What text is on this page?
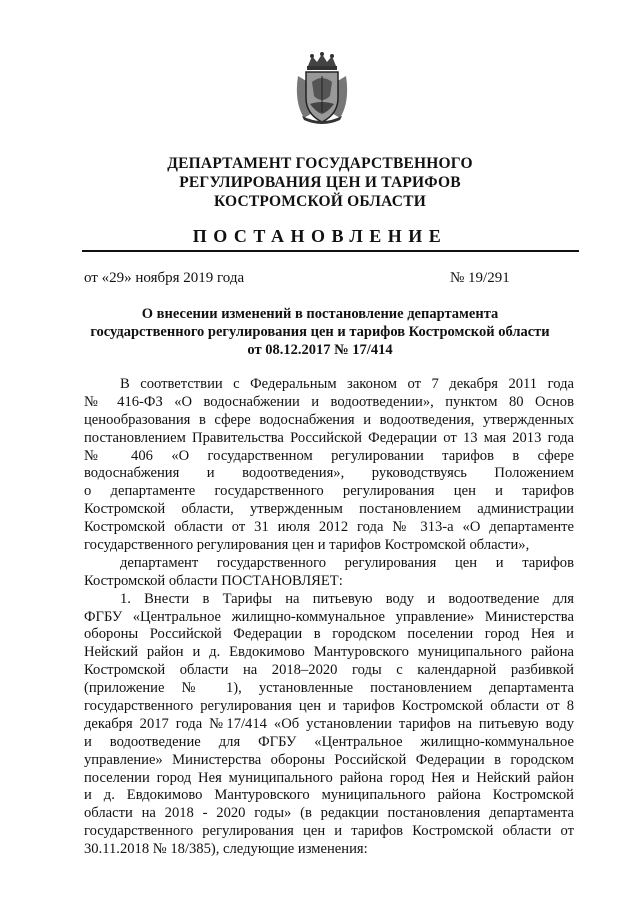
ДЕПАРТАМЕНТ ГОСУДАРСТВЕННОГО
РЕГУЛИРОВАНИЯ ЦЕН И ТАРИФОВ
КОСТРОМСКОЙ ОБЛАСТИ
ПОСТАНОВЛЕНИЕ
от «29» ноября 2019 года	№ 19/291
О внесении изменений в постановление департамента
государственного регулирования цен и тарифов Костромской области
от 08.12.2017 № 17/414
В соответствии с Федеральным законом от 7 декабря 2011 года
№ 416-ФЗ «О водоснабжении и водоотведении», пунктом 80 Основ
ценообразования в сфере водоснабжения и водоотведения, утвержденных
постановлением Правительства Российской Федерации от 13 мая 2013 года
№ 406 «О государственном регулировании тарифов в сфере
водоснабжения и водоотведения», руководствуясь Положением
о департаменте государственного регулирования цен и тарифов
Костромской области, утвержденным постановлением администрации
Костромской области от 31 июля 2012 года № 313-а «О департаменте
государственного регулирования цен и тарифов Костромской области»,
департамент государственного регулирования цен и тарифов
Костромской области ПОСТАНОВЛЯЕТ:
1. Внести в Тарифы на питьевую воду и водоотведение для
ФГБУ «Центральное жилищно-коммунальное управление» Министерства
обороны Российской Федерации в городском поселении город Нея и
Нейский район и д. Евдокимово Мантуровского муниципального района
Костромской области на 2018–2020 годы с календарной разбивкой
(приложение № 1), установленные постановлением департамента
государственного регулирования цен и тарифов Костромской области от 8
декабря 2017 года №17/414 «Об установлении тарифов на питьевую воду
и водоотведение для ФГБУ «Центральное жилищно-коммунальное
управление» Министерства обороны Российской Федерации в городском
поселении город Нея муниципального района город Нея и Нейский район
и д. Евдокимово Мантуровского муниципального района Костромской
области на 2018 - 2020 годы» (в редакции постановления департамента
государственного регулирования цен и тарифов Костромской области от
30.11.2018 № 18/385), следующие изменения:
